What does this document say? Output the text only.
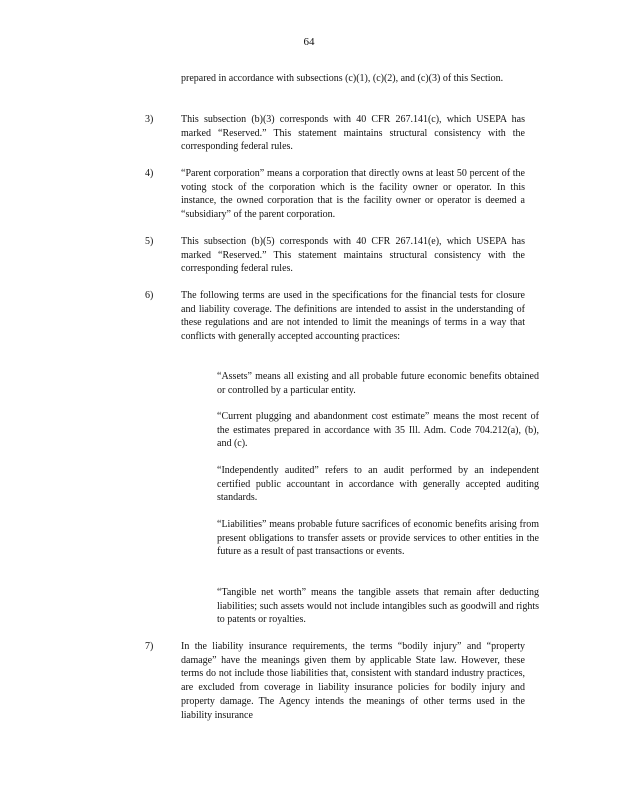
64
prepared in accordance with subsections (c)(1), (c)(2), and (c)(3) of this Section.
3)	This subsection (b)(3) corresponds with 40 CFR 267.141(c), which USEPA has marked “Reserved.” This statement maintains structural consistency with the corresponding federal rules.
4)	“Parent corporation” means a corporation that directly owns at least 50 percent of the voting stock of the corporation which is the facility owner or operator. In this instance, the owned corporation that is the facility owner or operator is deemed a “subsidiary” of the parent corporation.
5)	This subsection (b)(5) corresponds with 40 CFR 267.141(e), which USEPA has marked “Reserved.” This statement maintains structural consistency with the corresponding federal rules.
6)	The following terms are used in the specifications for the financial tests for closure and liability coverage. The definitions are intended to assist in the understanding of these regulations and are not intended to limit the meanings of terms in a way that conflicts with generally accepted accounting practices:
“Assets” means all existing and all probable future economic benefits obtained or controlled by a particular entity.
“Current plugging and abandonment cost estimate” means the most recent of the estimates prepared in accordance with 35 Ill. Adm. Code 704.212(a), (b), and (c).
“Independently audited” refers to an audit performed by an independent certified public accountant in accordance with generally accepted auditing standards.
“Liabilities” means probable future sacrifices of economic benefits arising from present obligations to transfer assets or provide services to other entities in the future as a result of past transactions or events.
“Tangible net worth” means the tangible assets that remain after deducting liabilities; such assets would not include intangibles such as goodwill and rights to patents or royalties.
7)	In the liability insurance requirements, the terms “bodily injury” and “property damage” have the meanings given them by applicable State law. However, these terms do not include those liabilities that, consistent with standard industry practices, are excluded from coverage in liability insurance policies for bodily injury and property damage. The Agency intends the meanings of other terms used in the liability insurance
